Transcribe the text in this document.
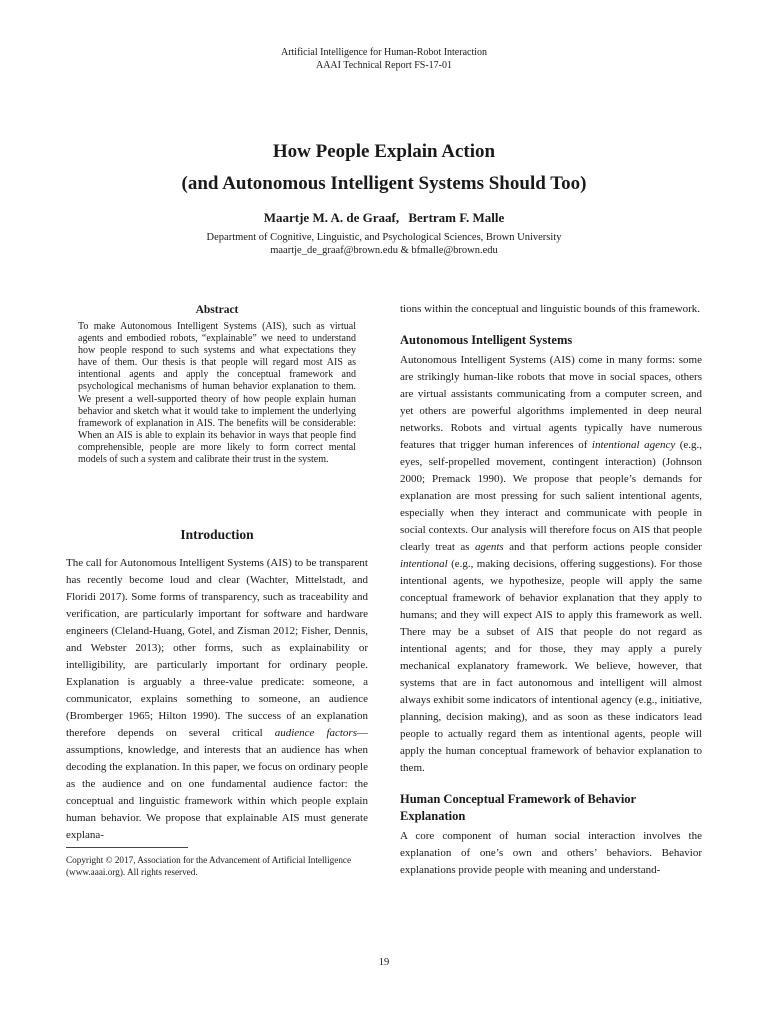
Artificial Intelligence for Human-Robot Interaction
AAAI Technical Report FS-17-01
How People Explain Action
(and Autonomous Intelligent Systems Should Too)
Maartje M. A. de Graaf, Bertram F. Malle
Department of Cognitive, Linguistic, and Psychological Sciences, Brown University
maartje_de_graaf@brown.edu & bfmalle@brown.edu

Abstract

To make Autonomous Intelligent Systems (AIS), such as virtual agents and embodied robots, “explainable” we need to understand how people respond to such systems and what expectations they have of them. Our thesis is that people will regard most AIS as intentional agents and apply the conceptual framework and psychological mechanisms of human behavior explanation to them. We present a well-supported theory of how people explain human behavior and sketch what it would take to implement the underlying framework of explanation in AIS. The benefits will be considerable: When an AIS is able to explain its behavior in ways that people find comprehensible, people are more likely to form correct mental models of such a system and calibrate their trust in the system.

Introduction

The call for Autonomous Intelligent Systems (AIS) to be transparent has recently become loud and clear (Wachter, Mittelstadt, and Floridi 2017). Some forms of transparency, such as traceability and verification, are particularly important for software and hardware engineers (Cleland-Huang, Gotel, and Zisman 2012; Fisher, Dennis, and Webster 2013); other forms, such as explainability or intelligibility, are particularly important for ordinary people. Explanation is arguably a three-value predicate: someone, a communicator, explains something to someone, an audience (Bromberger 1965; Hilton 1990). The success of an explanation therefore depends on several critical audience factors—assumptions, knowledge, and interests that an audience has when decoding the explanation. In this paper, we focus on ordinary people as the audience and on one fundamental audience factor: the conceptual and linguistic framework within which people explain human behavior. We propose that explainable AIS must generate explana-

Copyright © 2017, Association for the Advancement of Artificial Intelligence (www.aaai.org). All rights reserved.

tions within the conceptual and linguistic bounds of this framework.

Autonomous Intelligent Systems

Autonomous Intelligent Systems (AIS) come in many forms: some are strikingly human-like robots that move in social spaces, others are virtual assistants communicating from a computer screen, and yet others are powerful algorithms implemented in deep neural networks. Robots and virtual agents typically have numerous features that trigger human inferences of intentional agency (e.g., eyes, self-propelled movement, contingent interaction) (Johnson 2000; Premack 1990). We propose that people’s demands for explanation are most pressing for such salient intentional agents, especially when they interact and communicate with people in social contexts. Our analysis will therefore focus on AIS that people clearly treat as agents and that perform actions people consider intentional (e.g., making decisions, offering suggestions). For those intentional agents, we hypothesize, people will apply the same conceptual framework of behavior explanation that they apply to humans; and they will expect AIS to apply this framework as well. There may be a subset of AIS that people do not regard as intentional agents; and for those, they may apply a purely mechanical explanatory framework. We believe, however, that systems that are in fact autonomous and intelligent will almost always exhibit some indicators of intentional agency (e.g., initiative, planning, decision making), and as soon as these indicators lead people to actually regard them as intentional agents, people will apply the human conceptual framework of behavior explanation to them.

Human Conceptual Framework of Behavior
Explanation

A core component of human social interaction involves the explanation of one’s own and others’ behaviors. Behavior explanations provide people with meaning and understand-

19
